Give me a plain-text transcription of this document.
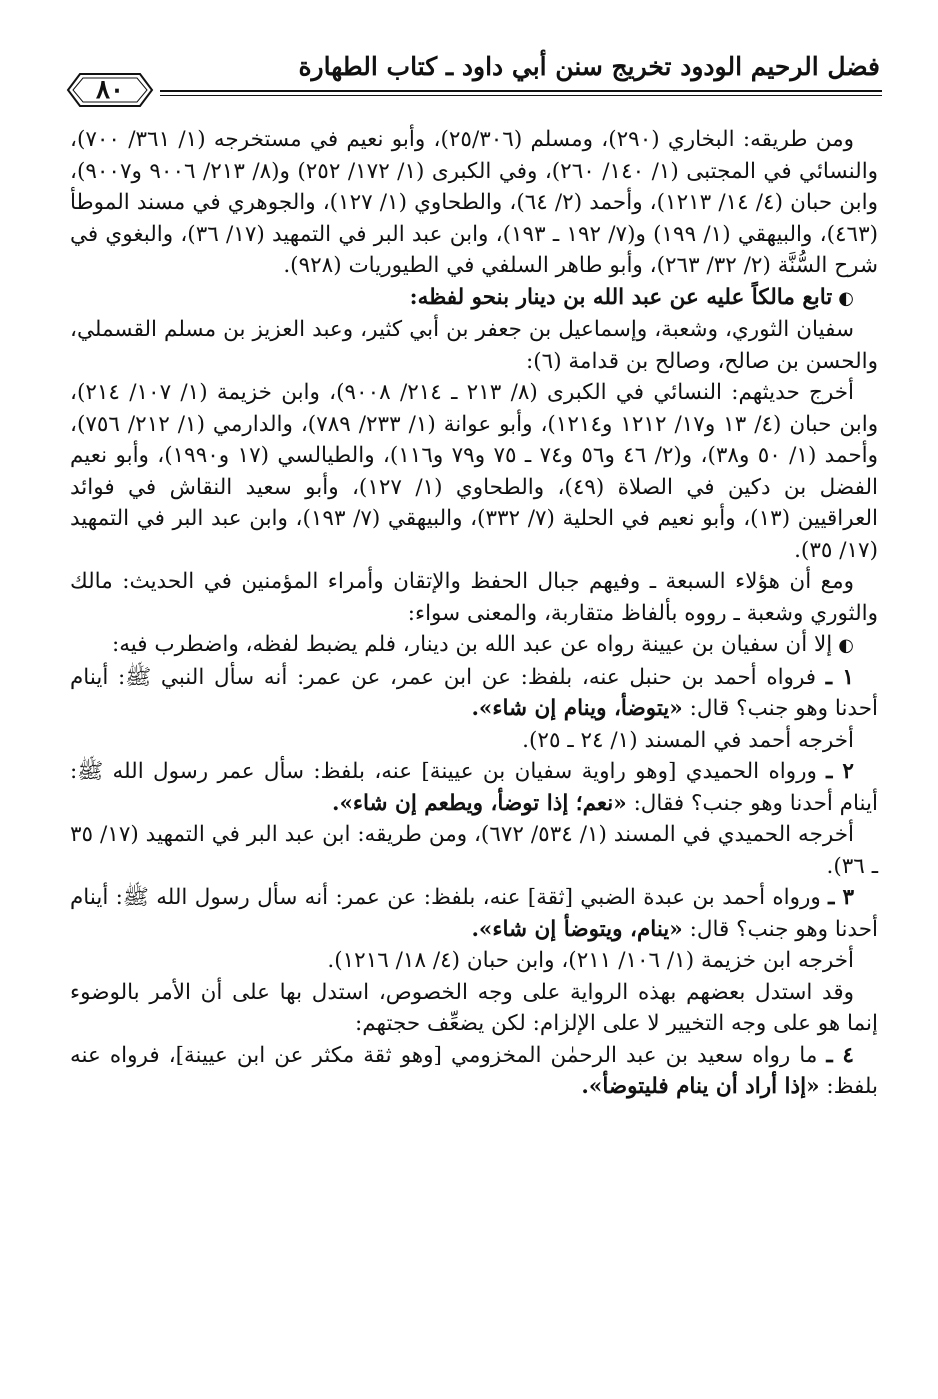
فضل الرحيم الودود تخريج سنن أبي داود ـ كتاب الطهارة
٨٠

ومن طريقه: البخاري (٢٩٠)، ومسلم (٢٥/٣٠٦)، وأبو نعيم في مستخرجه (١/ ٣٦١/ ٧٠٠)، والنسائي في المجتبى (١/ ١٤٠/ ٢٦٠)، وفي الكبرى (١/ ١٧٢/ ٢٥٢) و(٨/ ٢١٣/ ٩٠٠٦ و٩٠٠٧)، وابن حبان (٤/ ١٤/ ١٢١٣)، وأحمد (٢/ ٦٤)، والطحاوي (١/ ١٢٧)، والجوهري في مسند الموطأ (٤٦٣)، والبيهقي (١/ ١٩٩) و(٧/ ١٩٢ ـ ١٩٣)، وابن عبد البر في التمهيد (١٧/ ٣٦)، والبغوي في شرح السُّنَّة (٢/ ٣٢/ ٢٦٣)، وأبو طاهر السلفي في الطيوريات (٩٢٨).

◐تابع مالكاً عليه عن عبد الله بن دينار بنحو لفظه:

سفيان الثوري، وشعبة، وإسماعيل بن جعفر بن أبي كثير، وعبد العزيز بن مسلم القسملي، والحسن بن صالح، وصالح بن قدامة (٦):

أخرج حديثهم: النسائي في الكبرى (٨/ ٢١٣ ـ ٢١٤/ ٩٠٠٨)، وابن خزيمة (١/ ١٠٧/ ٢١٤)، وابن حبان (٤/ ١٣ و١٧/ ١٢١٢ و١٢١٤)، وأبو عوانة (١/ ٢٣٣/ ٧٨٩)، والدارمي (١/ ٢١٢/ ٧٥٦)، وأحمد (١/ ٥٠ و٣٨)، و(٢/ ٤٦ و٥٦ و٧٤ ـ ٧٥ و٧٩ و١١٦)، والطيالسي (١٧ و١٩٩٠)، وأبو نعيم الفضل بن دكين في الصلاة (٤٩)، والطحاوي (١/ ١٢٧)، وأبو سعيد النقاش في فوائد العراقيين (١٣)، وأبو نعيم في الحلية (٧/ ٣٣٢)، والبيهقي (٧/ ١٩٣)، وابن عبد البر في التمهيد (١٧/ ٣٥).

ومع أن هؤلاء السبعة ـ وفيهم جبال الحفظ والإتقان وأمراء المؤمنين في الحديث: مالك والثوري وشعبة ـ رووه بألفاظ متقاربة، والمعنى سواء:

◐إلا أن سفيان بن عيينة رواه عن عبد الله بن دينار، فلم يضبط لفظه، واضطرب فيه:

١ ـ فرواه أحمد بن حنبل عنه، بلفظ: عن ابن عمر، عن عمر: أنه سأل النبي ﷺ: أينام أحدنا وهو جنب؟ قال: «يتوضأ، وينام إن شاء».

أخرجه أحمد في المسند (١/ ٢٤ ـ ٢٥).

٢ ـ ورواه الحميدي [وهو راوية سفيان بن عيينة] عنه، بلفظ: سأل عمر رسول الله ﷺ: أينام أحدنا وهو جنب؟ فقال: «نعم؛ إذا توضأ، ويطعم إن شاء».

أخرجه الحميدي في المسند (١/ ٥٣٤/ ٦٧٢)، ومن طريقه: ابن عبد البر في التمهيد (١٧/ ٣٥ ـ ٣٦).

٣ ـ ورواه أحمد بن عبدة الضبي [ثقة] عنه، بلفظ: عن عمر: أنه سأل رسول الله ﷺ: أينام أحدنا وهو جنب؟ قال: «ينام، ويتوضأ إن شاء».

أخرجه ابن خزيمة (١/ ١٠٦/ ٢١١)، وابن حبان (٤/ ١٨/ ١٢١٦).

وقد استدل بعضهم بهذه الرواية على وجه الخصوص، استدل بها على أن الأمر بالوضوء إنما هو على وجه التخيير لا على الإلزام: لكن يضعِّف حجتهم:

٤ ـ ما رواه سعيد بن عبد الرحمٰن المخزومي [وهو ثقة مكثر عن ابن عيينة]، فرواه عنه بلفظ: «إذا أراد أن ينام فليتوضأ».
